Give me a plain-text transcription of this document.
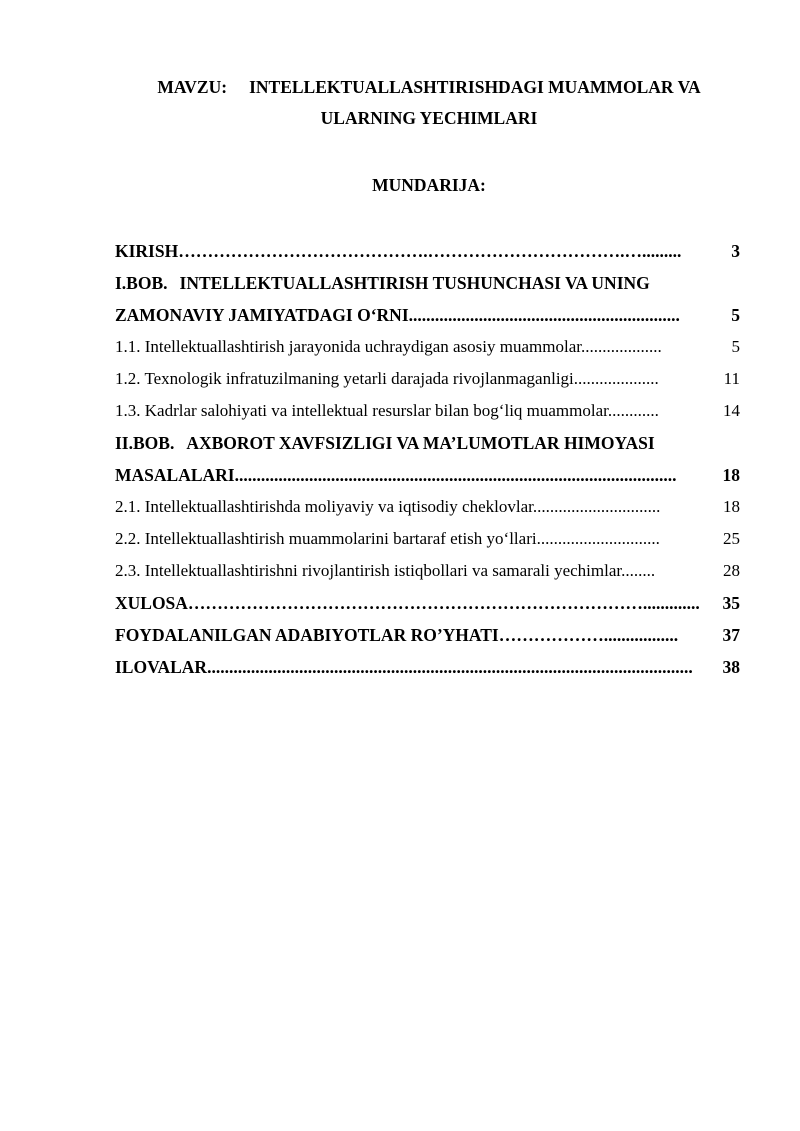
MAVZU: INTELLEKTUALLASHTIRISHDAGI MUAMMOLAR VA
ULARNING YECHIMLARI
MUNDARIJA:
KIRISH…………………………………….…………………………….….........	3
I.BOB. INTELLEKTUALLASHTIRISH TUSHUNCHASI VA UNING
ZAMONAVIY JAMIYATDAGI O‘RNI..............................................................	5
1.1. Intellektuallashtirish jarayonida uchraydigan asosiy muammolar...................	5
1.2. Texnologik infratuzilmaning yetarli darajada rivojlanmaganligi....................	11
1.3. Kadrlar salohiyati va intellektual resurslar bilan bog‘liq muammolar............	14
II.BOB. AXBOROT XAVFSIZLIGI VA MA’LUMOTLAR HIMOYASI
MASALALARI.....................................................................................................	18
2.1. Intellektuallashtirishda moliyaviy va iqtisodiy cheklovlar..............................	18
2.2. Intellektuallashtirish muammolarini bartaraf etish yo‘llari.............................	25
2.3. Intellektuallashtirishni rivojlantirish istiqbollari va samarali yechimlar........	28
XULOSA……………………………………………………………………............. 35
FOYDALANILGAN ADABIYOTLAR RO’YHATI……………….................	37
ILOVALAR............................................................................................................... 38
